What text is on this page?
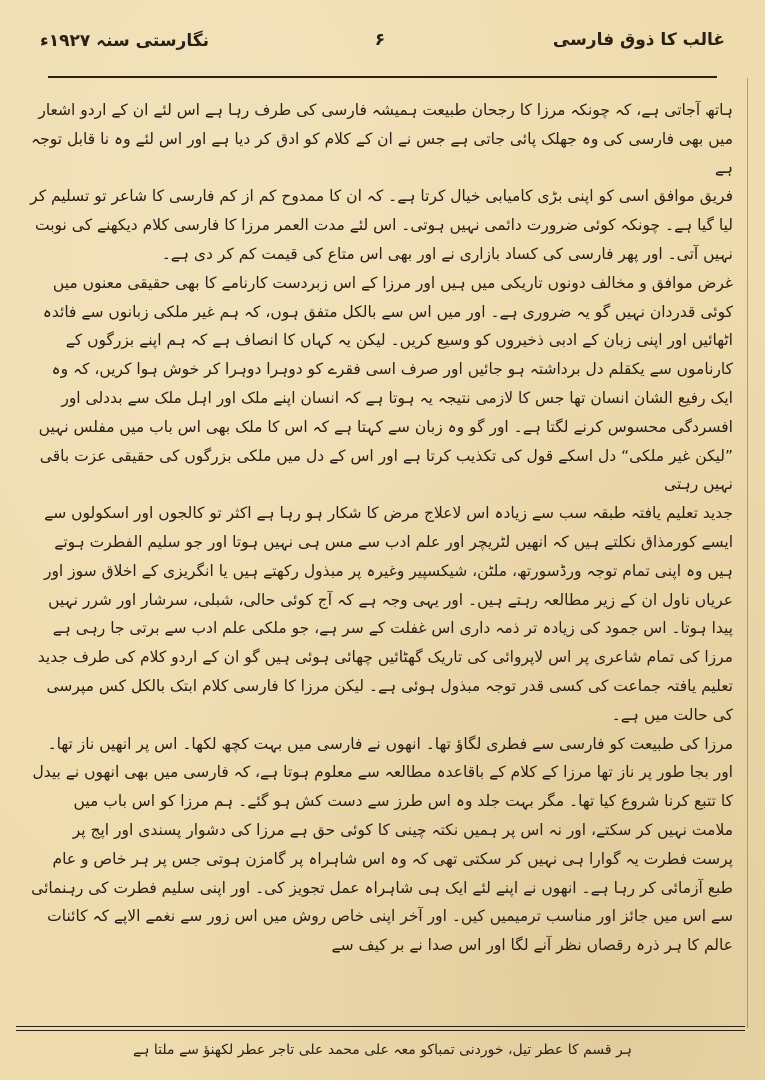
نگارستی سنہ ۱۹۲۷ء	۶	غالب کا ذوق فارسی

ہاتھ آجاتی ہے، کہ چونکہ مرزا کا رجحان طبیعت ہمیشہ فارسی کی طرف رہا ہے اس لئے ان کے اردو اشعار میں بھی فارسی کی وہ جھلک پائی جاتی ہے جس نے ان کے کلام کو ادق کر دیا ہے اور اس لئے وہ نا قابل توجہ ہے

فریق موافق اسی کو اپنی بڑی کامیابی خیال کرتا ہے۔ کہ ان کا ممدوح کم از کم فارسی کا شاعر تو تسلیم کر لیا گیا ہے۔ چونکہ کوئی ضرورت دائمی نہیں ہوتی۔ اس لئے مدت العمر مرزا کا فارسی کلام دیکھنے کی نوبت نہیں آتی۔ اور پھر فارسی کی کساد بازاری نے اور بھی اس متاع کی قیمت کم کر دی ہے۔

غرض موافق و مخالف دونوں تاریکی میں ہیں اور مرزا کے اس زبردست کارنامے کا بھی حقیقی معنوں میں کوئی قدردان نہیں گو یہ ضروری ہے۔ اور میں اس سے بالکل متفق ہوں، کہ ہم غیر ملکی زبانوں سے فائدہ اٹھائیں اور اپنی زبان کے ادبی ذخیروں کو وسیع کریں۔ لیکن یہ کہاں کا انصاف ہے کہ ہم اپنے بزرگوں کے کارناموں سے یکقلم دل برداشتہ ہو جائیں اور صرف اسی فقرے کو دوہرا دوہرا کر خوش ہوا کریں، کہ وہ ایک رفیع الشان انسان تھا جس کا لازمی نتیجہ یہ ہوتا ہے کہ انسان اپنے ملک اور اہل ملک سے بددلی اور افسردگی محسوس کرنے لگتا ہے۔ اور گو وہ زبان سے کہتا ہے کہ اس کا ملک بھی اس باب میں مفلس نہیں ”لیکن غیر ملکی“ دل اسکے قول کی تکذیب کرتا ہے اور اس کے دل میں ملکی بزرگوں کی حقیقی عزت باقی نہیں رہتی

جدید تعلیم یافتہ طبقہ سب سے زیادہ اس لاعلاج مرض کا شکار ہو رہا ہے اکثر تو کالجوں اور اسکولوں سے ایسے کورمذاق نکلتے ہیں کہ انھیں لٹریچر اور علم ادب سے مس ہی نہیں ہوتا اور جو سلیم الفطرت ہوتے ہیں وہ اپنی تمام توجہ ورڈسورتھ، ملٹن، شیکسپیر وغیرہ پر مبذول رکھتے ہیں یا انگریزی کے اخلاق سوز اور عریاں ناول ان کے زیر مطالعہ رہتے ہیں۔ اور یہی وجہ ہے کہ آج کوئی حالی، شبلی، سرشار اور شرر نہیں پیدا ہوتا۔ اس جمود کی زیادہ تر ذمہ داری اس غفلت کے سر ہے، جو ملکی علم ادب سے برتی جا رہی ہے مرزا کی تمام شاعری پر اس لاپروائی کی تاریک گھٹائیں چھائی ہوئی ہیں گو ان کے اردو کلام کی طرف جدید تعلیم یافتہ جماعت کی کسی قدر توجہ مبذول ہوئی ہے۔ لیکن مرزا کا فارسی کلام ابتک بالکل کس مپرسی کی حالت میں ہے۔

مرزا کی طبیعت کو فارسی سے فطری لگاؤ تھا۔ انھوں نے فارسی میں بہت کچھ لکھا۔ اس پر انھیں ناز تھا۔ اور بجا طور پر ناز تھا مرزا کے کلام کے باقاعدہ مطالعہ سے معلوم ہوتا ہے، کہ فارسی میں بھی انھوں نے بیدل کا تتبع کرنا شروع کیا تھا۔ مگر بہت جلد وہ اس طرز سے دست کش ہو گئے۔ ہم مرزا کو اس باب میں ملامت نہیں کر سکتے، اور نہ اس پر ہمیں نکتہ چینی کا کوئی حق ہے مرزا کی دشوار پسندی اور اپج پر پرست فطرت یہ گوارا ہی نہیں کر سکتی تھی کہ وہ اس شاہراہ پر گامزن ہوتی جس پر ہر خاص و عام طبع آزمائی کر رہا ہے۔ انھوں نے اپنے لئے ایک ہی شاہراہ عمل تجویز کی۔ اور اپنی سلیم فطرت کی رہنمائی سے اس میں جائز اور مناسب ترمیمیں کیں۔ اور آخر اپنی خاص روش میں اس زور سے نغمے الاپے کہ کائنات عالم کا ہر ذرہ رقصاں نظر آنے لگا اور اس صدا نے بر کیف سے

ہر قسم کا عطر تیل، خوردنی تمباکو معہ علی محمد علی تاجر عطر لکھنؤ سے ملتا ہے
